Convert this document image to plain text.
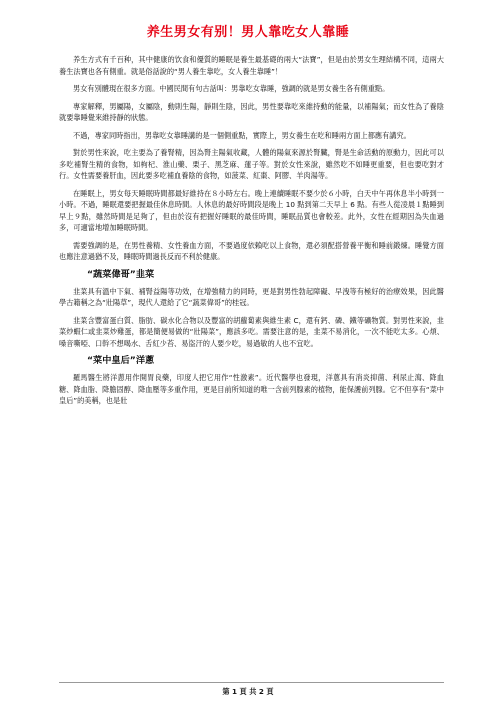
养生男女有别！男人靠吃女人靠睡

养生方式有千百种，其中健康的饮食和優質的睡眠是養生最基礎的兩大“法寶”，但是由於男女生理結構不同，這兩大養生法寶也各有側重。就是俗話說的“男人養生靠吃，女人養生靠睡”！

男女有別體現在很多方面。中國民間有句古話叫：男靠吃女靠睡，強調的就是男女養生各有側重點。

專家解釋，男屬陽，女屬陰，動則生陽，靜則生陰，因此，男性要靠吃來維持動的能量，以補陽氣；而女性為了養陰就要靠睡覺來維持靜的狀態。

不過，專家同時指出，男靠吃女靠睡講的是一個側重點，實際上，男女養生在吃和睡兩方面上都應有講究。

對於男性來說，吃主要為了養腎精，因為腎主陽氣收藏，人體的陽氣來源於腎臟，腎是生命活動的原動力，因此可以多吃補腎生精的食物，如枸杞、淮山藥、栗子、黑芝麻、蓮子等。對於女性來說，雖然吃不如睡更重要，但也要吃對才行。女性需要養肝血，因此要多吃補血養陰的食物，如菠菜、紅棗、阿膠、羊肉湯等。

在睡眠上，男女每天睡眠時間都最好維持在８小時左右。晚上連續睡眠不要少於６小時，白天中午再休息半小時到一小時。不過，睡眠還要把握最佳休息時間。人休息的最好時間段是晚上 10 點到第二天早上 6 點。有些人從凌晨１點睡到早上９點，雖然時間是足夠了，但由於沒有把握好睡眠的最佳時間，睡眠品質也會較差。此外，女性在經期因為失血過多，可適當地增加睡眠時間。

需要強調的是，在男性養精、女性養血方面，不要過度依賴吃以上食物，還必須配搭營養平衡和睡前鍛煉。睡覺方面也應注意過猶不及，睡眠時間過長反而不利於健康。

“蔬菜偉哥”韭菜

韭菜具有溫中下氣、補腎益陽等功效，在增強精力的同時，更是對男性勃起障礙、早洩等有極好的治療效果，因此醫學古籍稱之為“壯陽草”，現代人還給了它“蔬菜偉哥”的桂冠。

韭菜含豐富蛋白質、脂肪、碳水化合物以及豐富的胡蘿蔔素與維生素 C，還有鈣、磷、鐵等礦物質。對男性來說，韭菜炒蝦仁或韭菜炒雞蛋，都是簡便易做的“壯陽菜”，應該多吃。需要注意的是，韭菜不易消化，一次不能吃太多。心煩、嗓音嘶啞、口幹不想喝水、舌紅少苔、易盜汗的人要少吃，易過敏的人也不宜吃。

“菜中皇后”洋蔥

羅馬醫生將洋蔥用作開胃良藥，印度人把它用作“性激素”。近代醫學也發現，洋蔥具有消炎抑菌、利尿止瀉、降血糖、降血脂、降膽固醇、降血壓等多重作用，更是目前所知道的唯一含前列腺素的植物，能保護前列腺。它不但享有“菜中皇后”的美稱，也是壯

第 1 頁 共 2 頁
